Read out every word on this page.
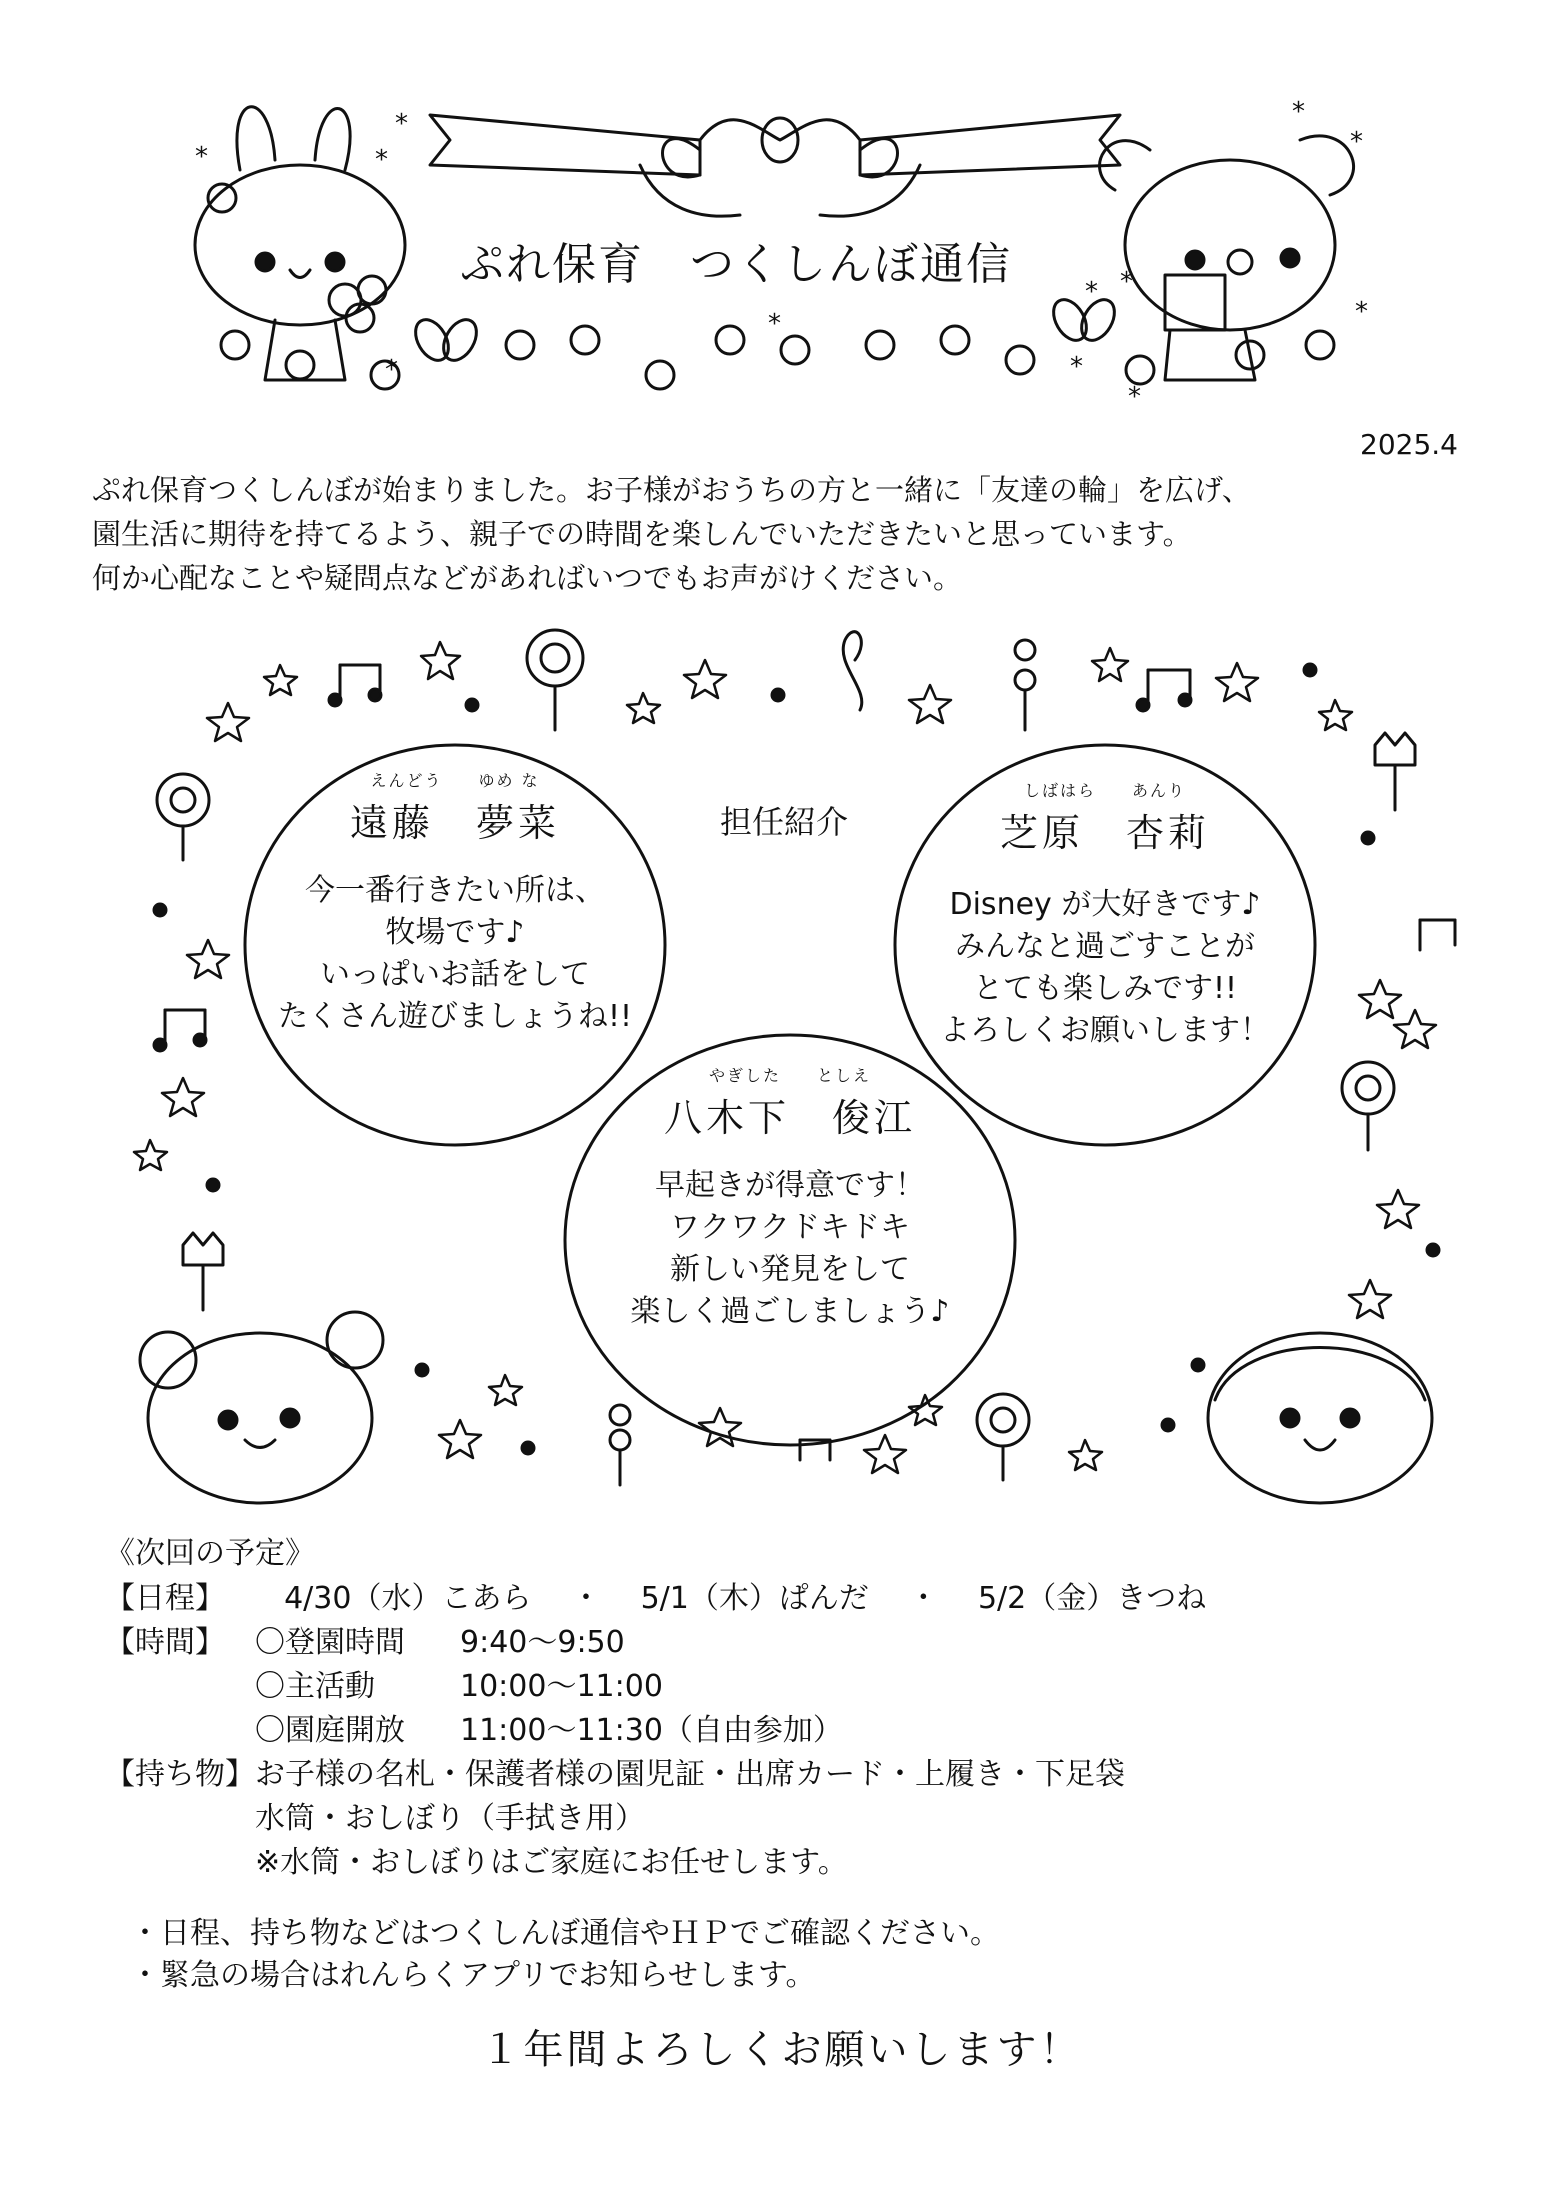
*
*
*
*
*
* *
*
*
*	*
*
ぷれ保育　つくしんぼ通信
2025.4
ぷれ保育つくしんぼが始まりました。お子様がおうちの方と一緒に「友達の輪」を広げ、
園生活に期待を持てるよう、親子での時間を楽しんでいただきたいと思っています。
何か心配なことや疑問点などがあればいつでもお声がけください。
担任紹介
えんどう　　 ゆめ な
遠藤　 夢菜
今一番行きたい所は、
牧場です♪
いっぱいお話をして
たくさん遊びましょうね!!
しばはら　　 あんり
芝原　 杏莉
Disney が大好きです♪
みんなと過ごすことが
とても楽しみです!!
よろしくお願いします！
やぎした　　 としえ
八木下　 俊江
早起きが得意です！
ワクワクドキドキ
新しい発見をして
楽しく過ごしましょう♪
《次回の予定》
【日程】 4/30（水）こあら ・ 5/1（木）ぱんだ ・ 5/2（金）きつね
【時間】 〇登園時間 9:40～9:50
〇主活動	10:00～11:00
〇園庭開放 11:00～11:30（自由参加）
【持ち物】 お子様の名札・保護者様の園児証・出席カード・上履き・下足袋
水筒・おしぼり（手拭き用）
※水筒・おしぼりはご家庭にお任せします。
・日程、持ち物などはつくしんぼ通信やＨＰでご確認ください。
・緊急の場合はれんらくアプリでお知らせします。
１年間よろしくお願いします！
